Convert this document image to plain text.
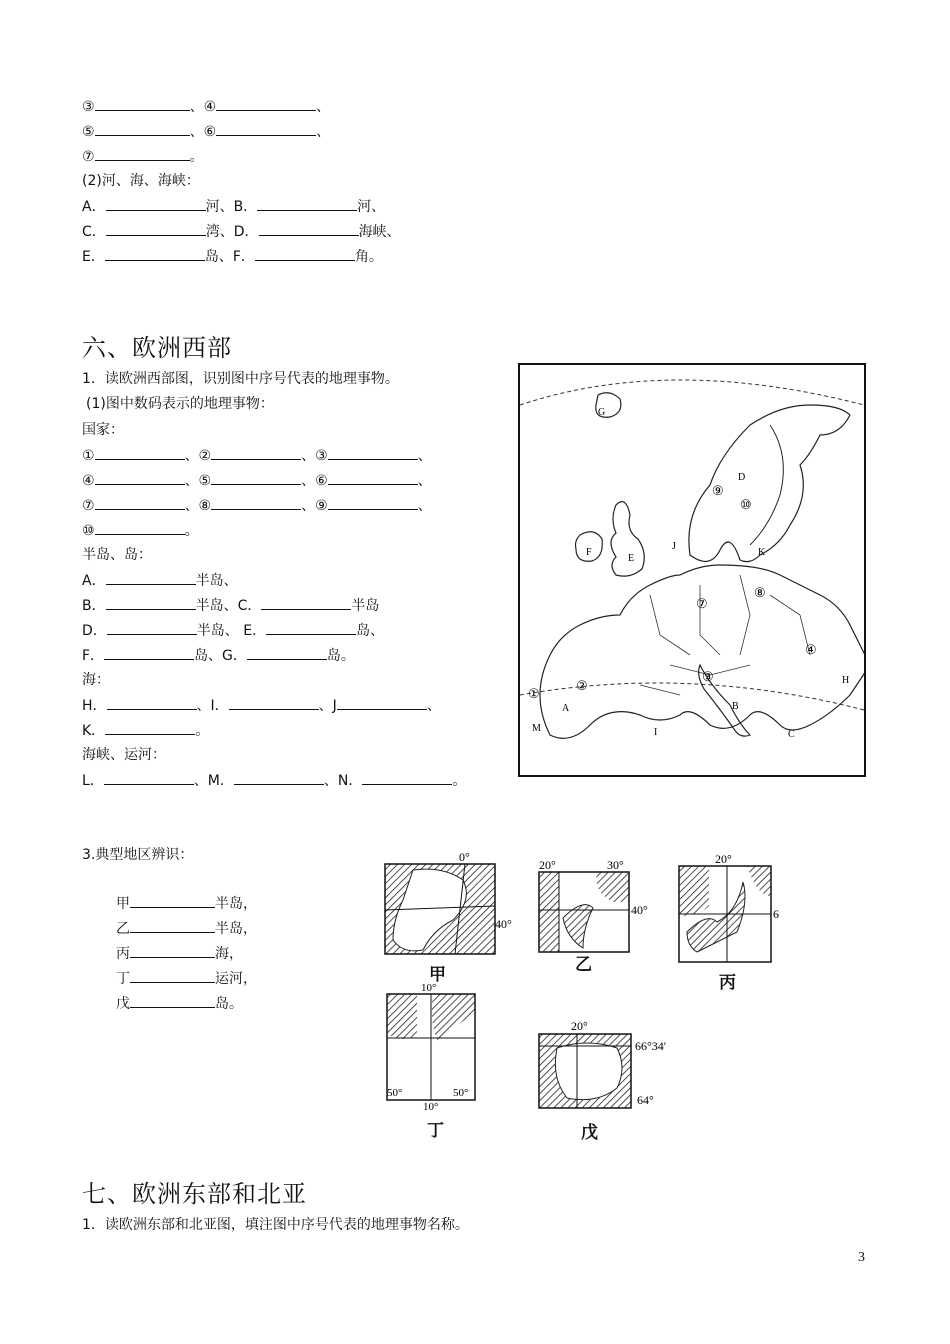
③	、④	、
⑤	、⑥	、
⑦	。
(2)河、海、海峡：
A．	河、B．	河、
C．	湾、D．	海峡、
E．	岛、F．	角。
六、欧洲西部
1．读欧洲西部图，识别图中序号代表的地理事物。
(1)图中数码表示的地理事物：
国家：
①	、②	、③	、
④	、⑤	、⑥	、
⑦	、⑧	、⑨	、
⑩	。
半岛、岛：
A．	半岛、
B．	半岛、C．	半岛
D．	半岛、 E．	岛、
F．	岛、G．	岛。
海：
H．	、I．	、J	、
K．	。
海峡、运河：
L．	、M．	、N．	。
①
②
③
④
⑦
⑧
⑨
⑩
G
D
E
F
J
K
A	B
C
H
I
M
3.典型地区辨识：
甲	半岛，
乙	半岛，
丙	海，
丁	运河，
戊	岛。
0°
40°
甲
20°	30°
40°
乙
20°
6
丙
10°
50°
10°
50°
丁
20°
66°34′
64°
戊
七、欧洲东部和北亚
1．读欧洲东部和北亚图，填注图中序号代表的地理事物名称。
3
